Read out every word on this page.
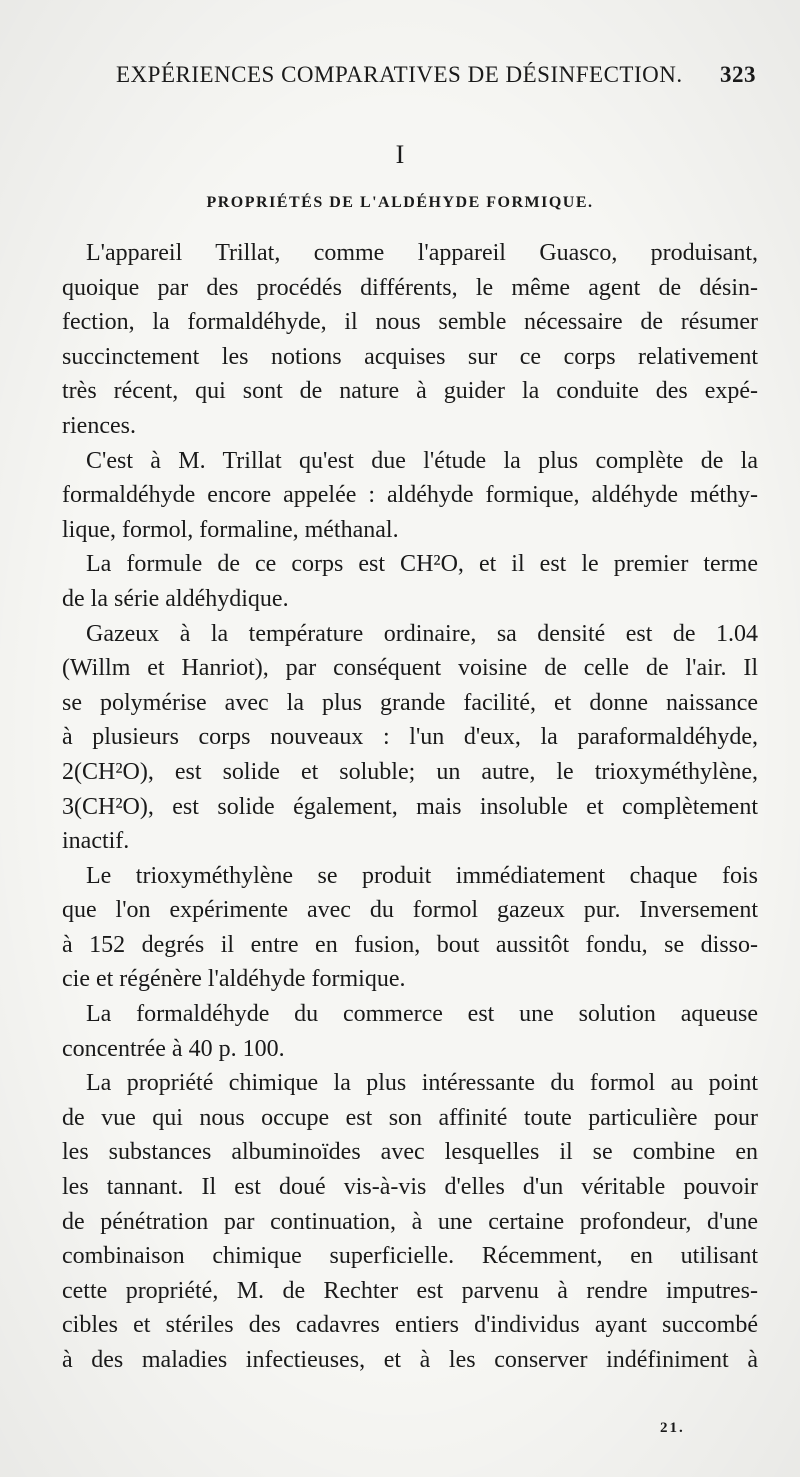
EXPÉRIENCES COMPARATIVES DE DÉSINFECTION. 323
I
PROPRIÉTÉS DE L'ALDÉHYDE FORMIQUE.
L'appareil Trillat, comme l'appareil Guasco, produisant,
quoique par des procédés différents, le même agent de désin-
fection, la formaldéhyde, il nous semble nécessaire de résumer
succinctement les notions acquises sur ce corps relativement
très récent, qui sont de nature à guider la conduite des expé-
riences.
C'est à M. Trillat qu'est due l'étude la plus complète de la
formaldéhyde encore appelée : aldéhyde formique, aldéhyde méthy-
lique, formol, formaline, méthanal.
La formule de ce corps est CH²O, et il est le premier terme
de la série aldéhydique.
Gazeux à la température ordinaire, sa densité est de 1.04
(Willm et Hanriot), par conséquent voisine de celle de l'air. Il
se polymérise avec la plus grande facilité, et donne naissance
à plusieurs corps nouveaux : l'un d'eux, la paraformaldéhyde,
2(CH²O), est solide et soluble; un autre, le trioxyméthylène,
3(CH²O), est solide également, mais insoluble et complètement
inactif.
Le trioxyméthylène se produit immédiatement chaque fois
que l'on expérimente avec du formol gazeux pur. Inversement
à 152 degrés il entre en fusion, bout aussitôt fondu, se disso-
cie et régénère l'aldéhyde formique.
La formaldéhyde du commerce est une solution aqueuse
concentrée à 40 p. 100.
La propriété chimique la plus intéressante du formol au point
de vue qui nous occupe est son affinité toute particulière pour
les substances albuminoïdes avec lesquelles il se combine en
les tannant. Il est doué vis-à-vis d'elles d'un véritable pouvoir
de pénétration par continuation, à une certaine profondeur, d'une
combinaison chimique superficielle. Récemment, en utilisant
cette propriété, M. de Rechter est parvenu à rendre imputres-
cibles et stériles des cadavres entiers d'individus ayant succombé
à des maladies infectieuses, et à les conserver indéfiniment à
21.
